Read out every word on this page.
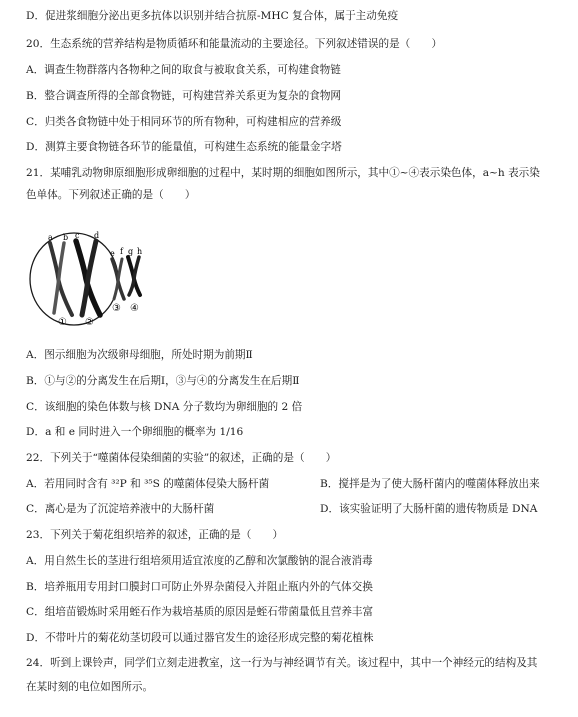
D．促进浆细胞分泌出更多抗体以识别并结合抗原-MHC 复合体，属于主动免疫
20．生态系统的营养结构是物质循环和能量流动的主要途径。下列叙述错误的是（　　）
A．调查生物群落内各物种之间的取食与被取食关系，可构建食物链
B．整合调查所得的全部食物链，可构建营养关系更为复杂的食物网
C．归类各食物链中处于相同环节的所有物种，可构建相应的营养级
D．测算主要食物链各环节的能量值，可构建生态系统的能量金字塔
21．某哺乳动物卵原细胞形成卵细胞的过程中，某时期的细胞如图所示，其中①~④表示染色体，a~h 表示染
色单体。下列叙述正确的是（　　）
a b c d
e f g h
① ②
③ ④
A．图示细胞为次级卵母细胞，所处时期为前期Ⅱ
B．①与②的分离发生在后期Ⅰ，③与④的分离发生在后期Ⅱ
C．该细胞的染色体数与核 DNA 分子数均为卵细胞的 2 倍
D．a 和 e 同时进入一个卵细胞的概率为 1/16
22．下列关于“噬菌体侵染细菌的实验”的叙述，正确的是（　　）
A．若用同时含有 ³²P 和 ³⁵S 的噬菌体侵染大肠杆菌	B．搅拌是为了使大肠杆菌内的噬菌体释放出来
C．离心是为了沉淀培养液中的大肠杆菌	D．该实验证明了大肠杆菌的遗传物质是 DNA
23．下列关于菊花组织培养的叙述，正确的是（　　）
A．用自然生长的茎进行组培须用适宜浓度的乙醇和次氯酸钠的混合液消毒
B．培养瓶用专用封口膜封口可防止外界杂菌侵入并阻止瓶内外的气体交换
C．组培苗锻炼时采用蛭石作为栽培基质的原因是蛭石带菌量低且营养丰富
D．不带叶片的菊花幼茎切段可以通过器官发生的途径形成完整的菊花植株
24．听到上课铃声，同学们立刻走进教室，这一行为与神经调节有关。该过程中，其中一个神经元的结构及其
在某时刻的电位如图所示。
